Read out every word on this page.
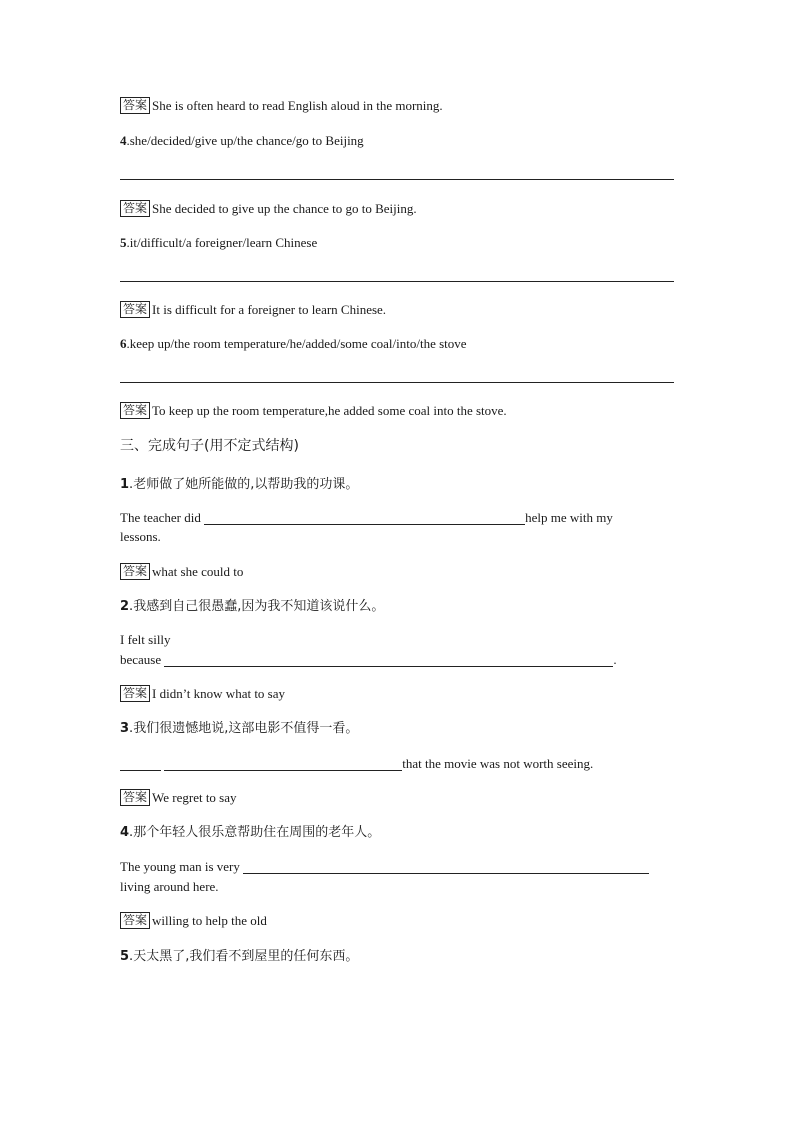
答案 She is often heard to read English aloud in the morning.
4.she/decided/give up/the chance/go to Beijing
答案 She decided to give up the chance to go to Beijing.
5.it/difficult/a foreigner/learn Chinese
答案 It is difficult for a foreigner to learn Chinese.
6.keep up/the room temperature/he/added/some coal/into/the stove
答案 To keep up the room temperature,he added some coal into the stove.
三、完成句子(用不定式结构)
1.老师做了她所能做的,以帮助我的功课。
The teacher did	help me with my
lessons.
答案 what she could to
2.我感到自己很愚蠢,因为我不知道该说什么。
I felt silly
because	.
答案 I didn’t know what to say
3.我们很遗憾地说,这部电影不值得一看。
that the movie was not worth seeing.
答案 We regret to say
4.那个年轻人很乐意帮助住在周围的老年人。
The young man is very
living around here.
答案 willing to help the old
5.天太黑了,我们看不到屋里的任何东西。
